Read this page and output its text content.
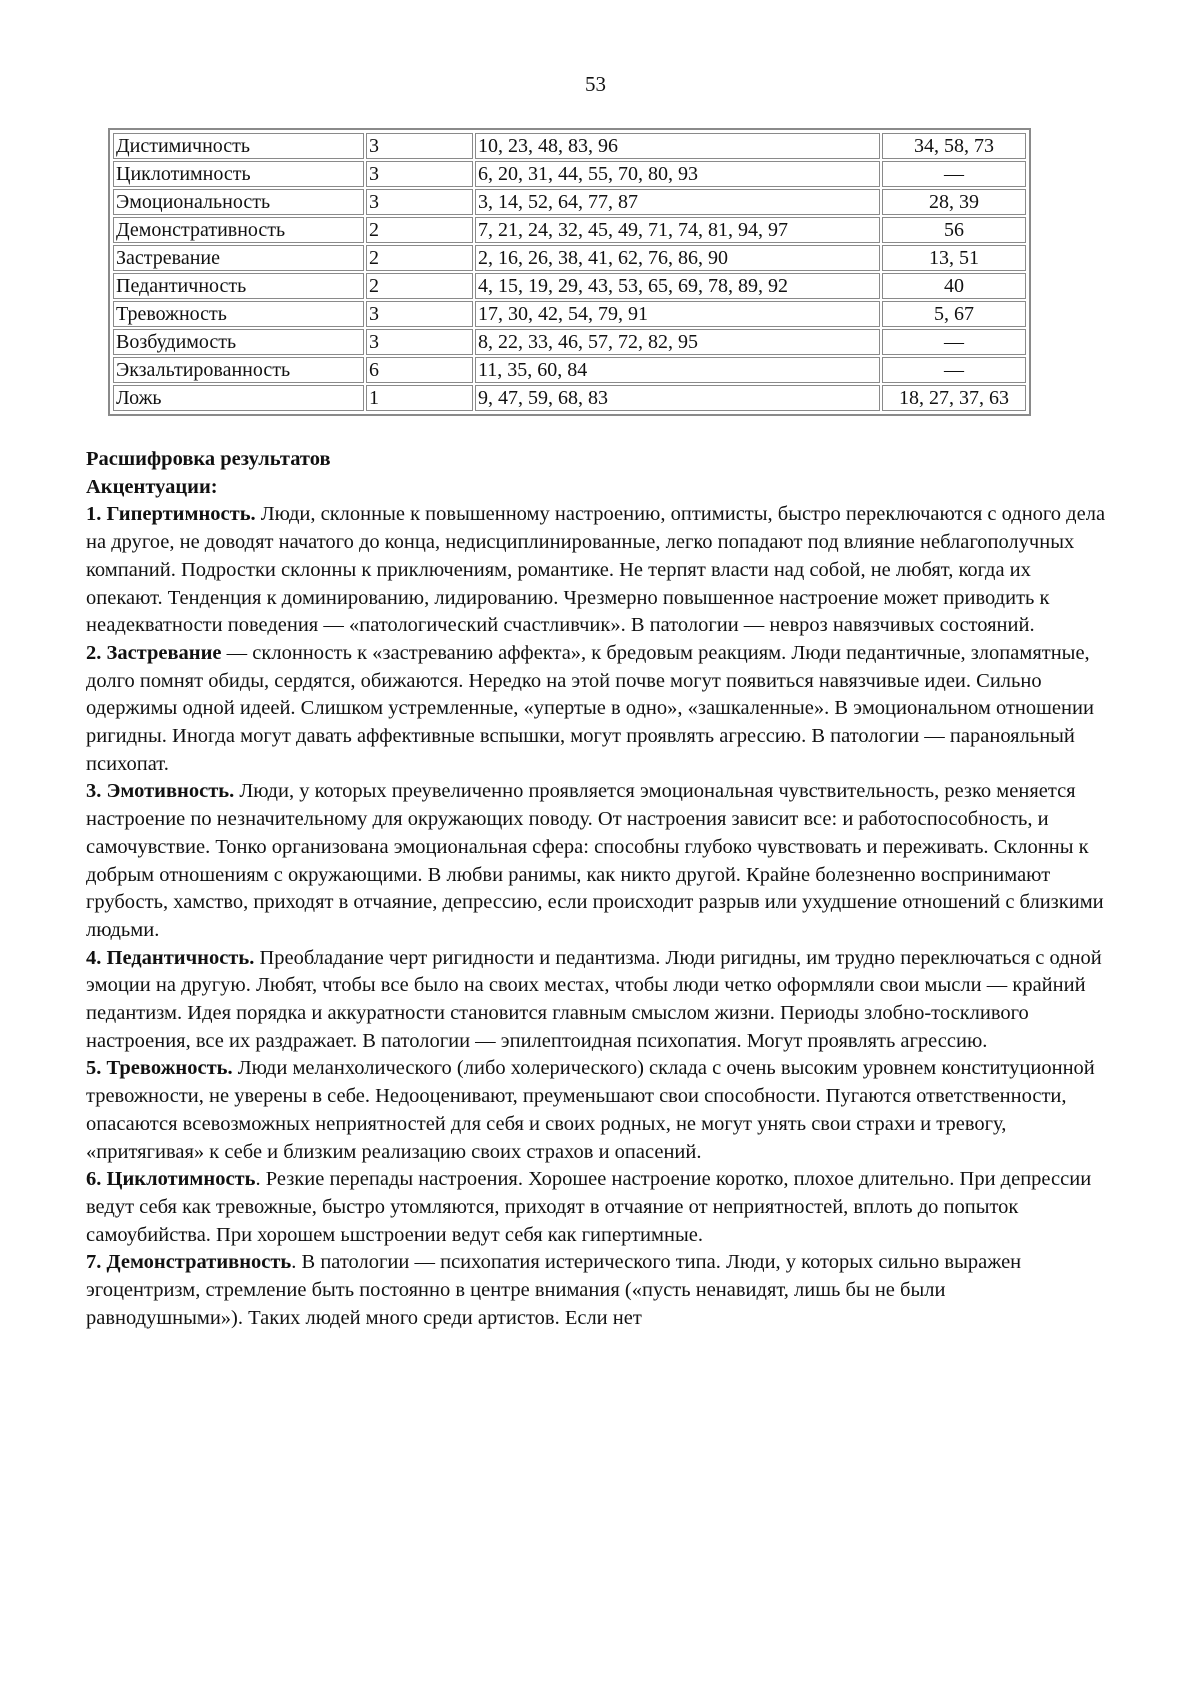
53
Дистимичность	3	10, 23, 48, 83, 96	34, 58, 73
Циклотимность	3	6, 20, 31, 44, 55, 70, 80, 93	—
Эмоциональность	3	3, 14, 52, 64, 77, 87	28, 39
Демонстративность	2	7, 21, 24, 32, 45, 49, 71, 74, 81, 94, 97	56
Застревание	2	2, 16, 26, 38, 41, 62, 76, 86, 90	13, 51
Педантичность	2	4, 15, 19, 29, 43, 53, 65, 69, 78, 89, 92	40
Тревожность	3	17, 30, 42, 54, 79, 91	5, 67
Возбудимость	3	8, 22, 33, 46, 57, 72, 82, 95	—
Экзальтированность	6	11, 35, 60, 84	—
Ложь	1	9, 47, 59, 68, 83	18, 27, 37, 63

Расшифровка результатов

Акцентуации:

1. Гипертимность. Люди, склонные к повышенному настроению, оптимисты, быстро переключаются с одного дела на другое, не доводят начатого до конца, недисциплинированные, легко попадают под влияние неблагополучных компаний. Подростки склонны к приключениям, романтике. Не терпят власти над собой, не любят, когда их опекают. Тенденция к доминированию, лидированию. Чрезмерно повышенное настроение может приводить к неадекватности поведения — «патологический счастливчик». В патологии — невроз навязчивых состояний.

2. Застревание — склонность к «застреванию аффекта», к бредовым реакциям. Люди педантичные, злопамятные, долго помнят обиды, сердятся, обижаются. Нередко на этой почве могут появиться навязчивые идеи. Сильно одержимы одной идеей. Слишком устремленные, «упертые в одно», «зашкаленные». В эмоциональном отношении ригидны. Иногда могут давать аффективные вспышки, могут проявлять агрессию. В патологии — паранояльный психопат.

3. Эмотивность. Люди, у которых преувеличенно проявляется эмоциональная чувствительность, резко меняется настроение по незначительному для окружающих поводу. От настроения зависит все: и работоспособность, и самочувствие. Тонко организована эмоциональная сфера: способны глубоко чувствовать и переживать. Склонны к добрым отношениям с окружающими. В любви ранимы, как никто другой. Крайне болезненно воспринимают грубость, хамство, приходят в отчаяние, депрессию, если происходит разрыв или ухудшение отношений с близкими людьми.

4. Педантичность. Преобладание черт ригидности и педантизма. Люди ригидны, им трудно переключаться с одной эмоции на другую. Любят, чтобы все было на своих местах, чтобы люди четко оформляли свои мысли — крайний педантизм. Идея порядка и аккуратности становится главным смыслом жизни. Периоды злобно-тоскливого настроения, все их раздражает. В патологии — эпилептоидная психопатия. Могут проявлять агрессию.

5. Тревожность. Люди меланхолического (либо холерического) склада с очень высоким уровнем конституционной тревожности, не уверены в себе. Недооценивают, преуменьшают свои способности. Пугаются ответственности, опасаются всевозможных неприятностей для себя и своих родных, не могут унять свои страхи и тревогу, «притягивая» к себе и близким реализацию своих страхов и опасений.

6. Циклотимность. Резкие перепады настроения. Хорошее настроение коротко, плохое длительно. При депрессии ведут себя как тревожные, быстро утомляются, приходят в отчаяние от неприятностей, вплоть до попыток самоубийства. При хорошем ьшстроении ведут себя как гипертимные.

7. Демонстративность. В патологии — психопатия истерического типа. Люди, у которых сильно выражен эгоцентризм, стремление быть постоянно в центре внимания («пусть ненавидят, лишь бы не были равнодушными»). Таких людей много среди артистов. Если нет
